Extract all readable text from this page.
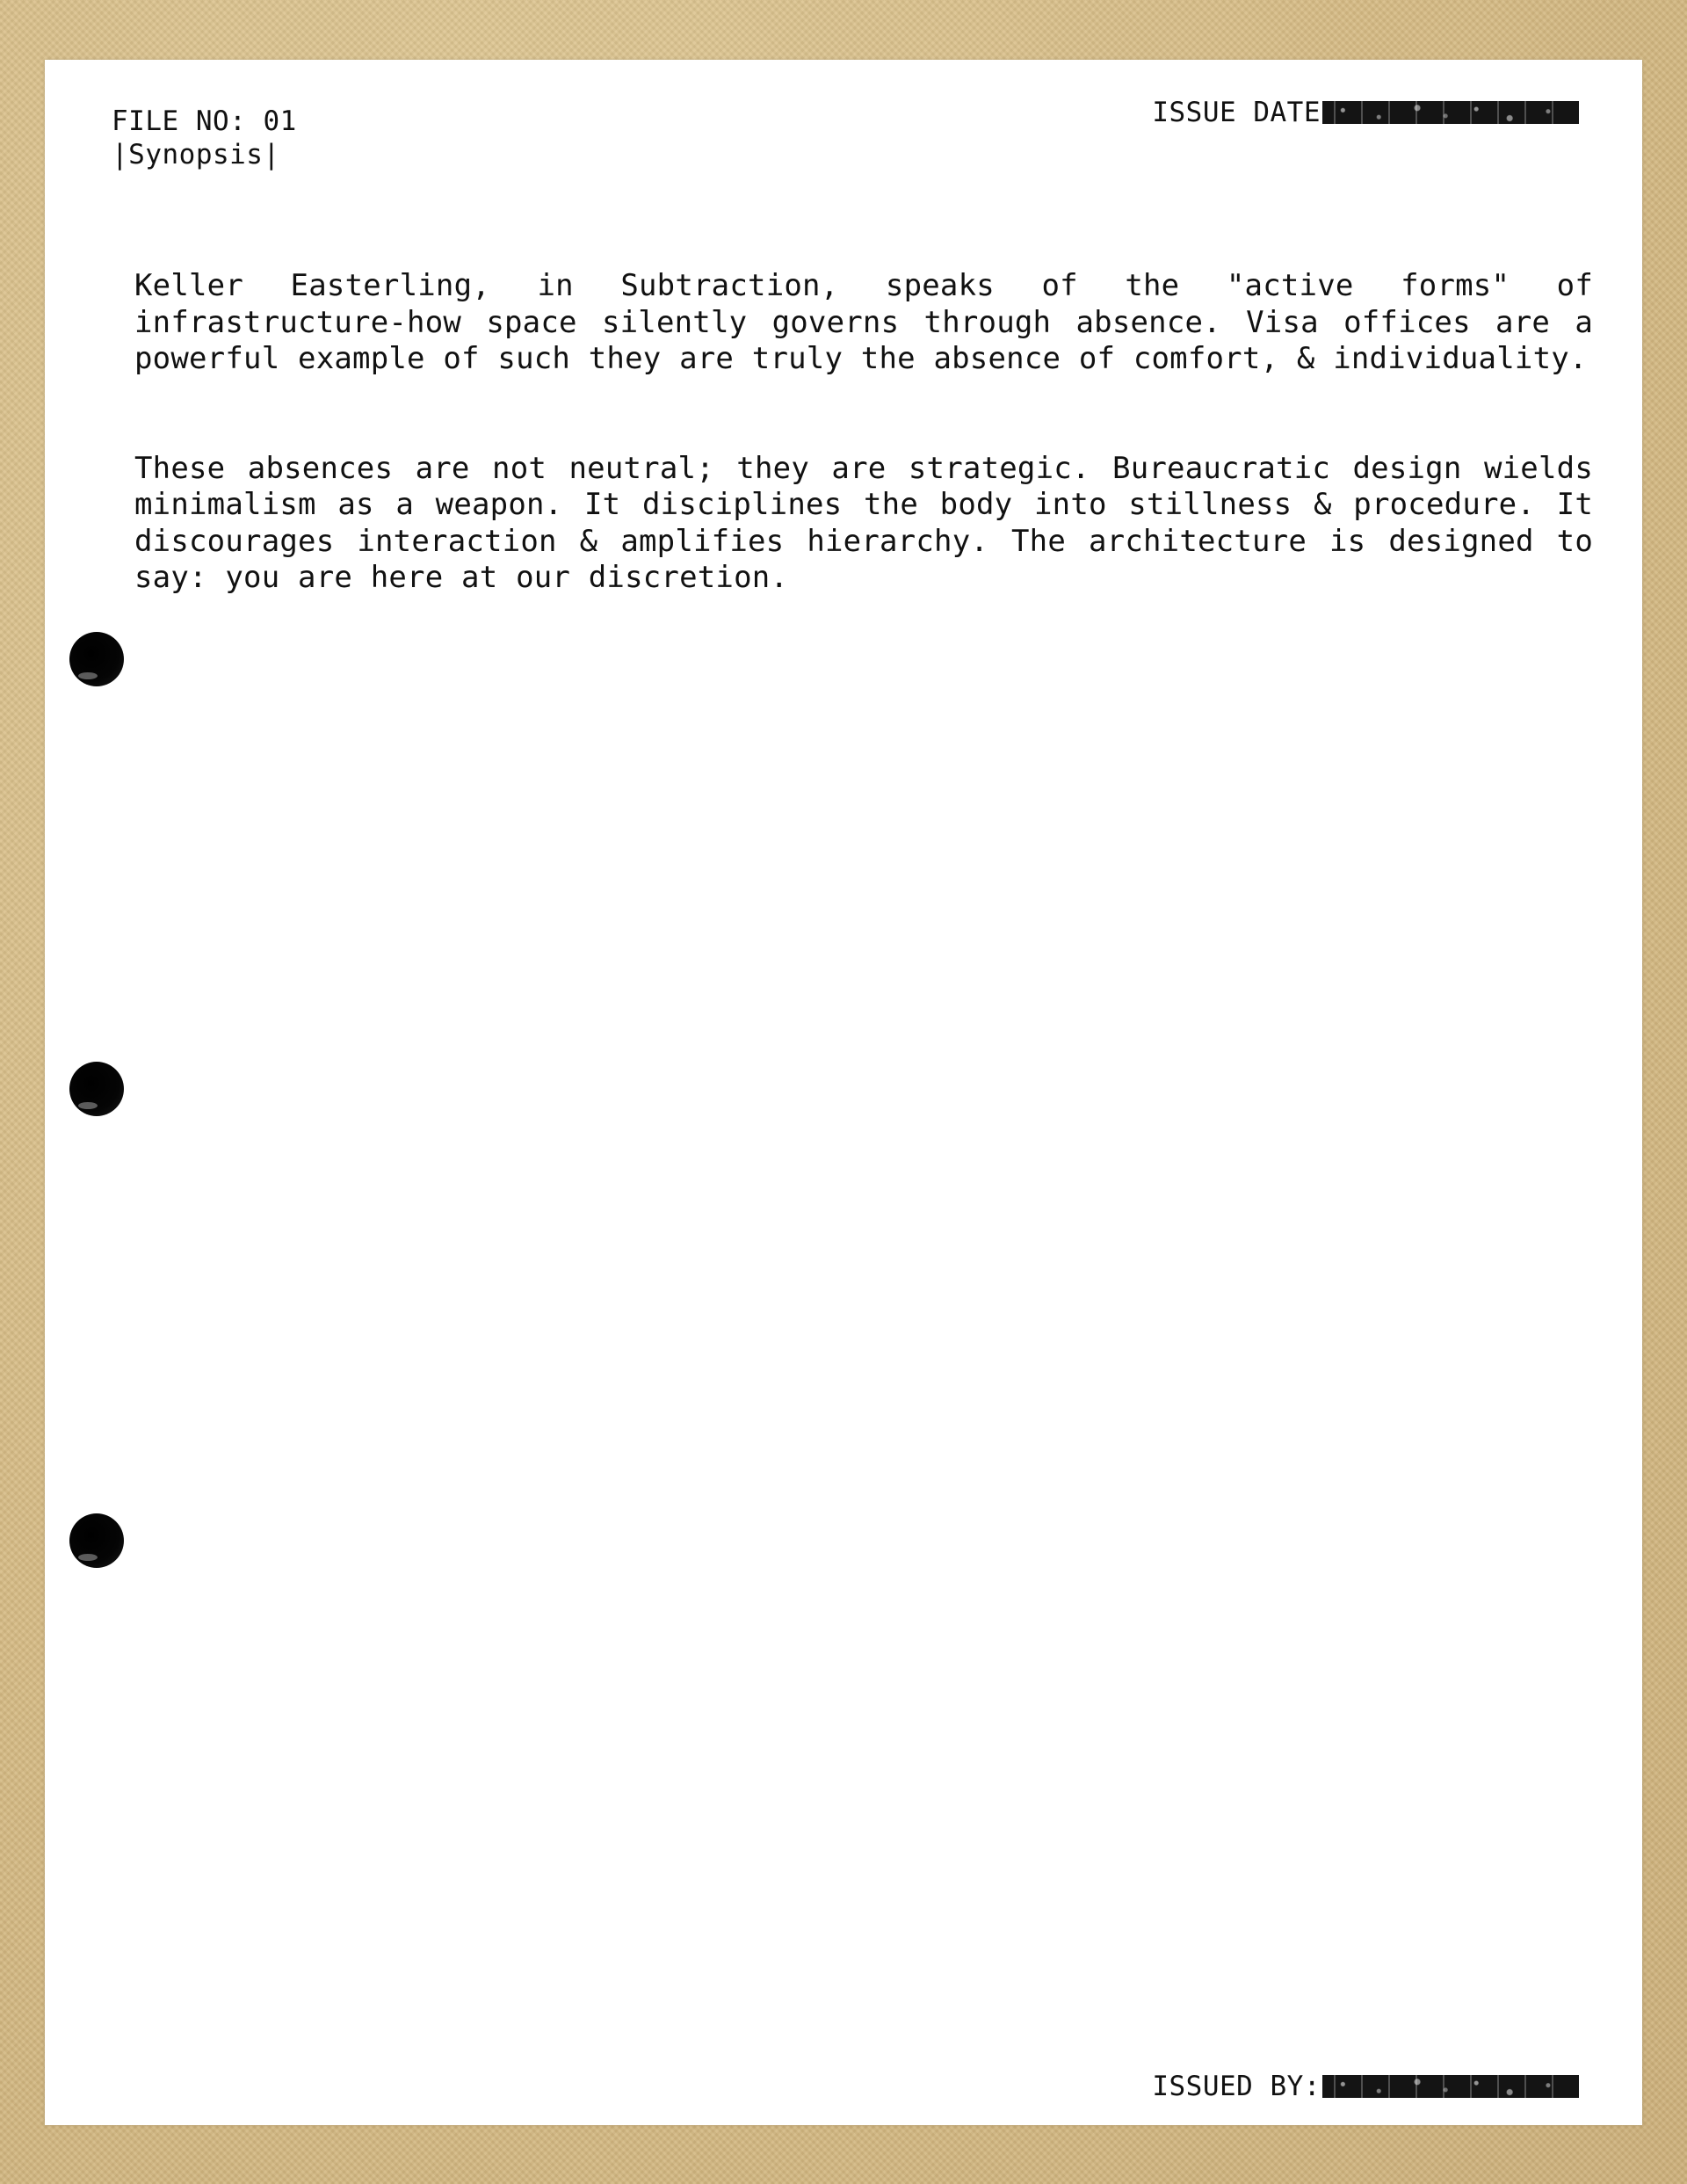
FILE NO: 01
|Synopsis|
ISSUE DATE

Keller Easterling, in Subtraction, speaks of the "active forms" of infrastructure-how space silently governs through absence. Visa offices are a powerful example of such they are truly the absence of comfort, & individuality.

These absences are not neutral; they are strategic. Bureaucratic design wields minimalism as a weapon. It disciplines the body into stillness & procedure. It discourages interaction & amplifies hierarchy. The architecture is designed to say: you are here at our discretion.

ISSUED BY:
